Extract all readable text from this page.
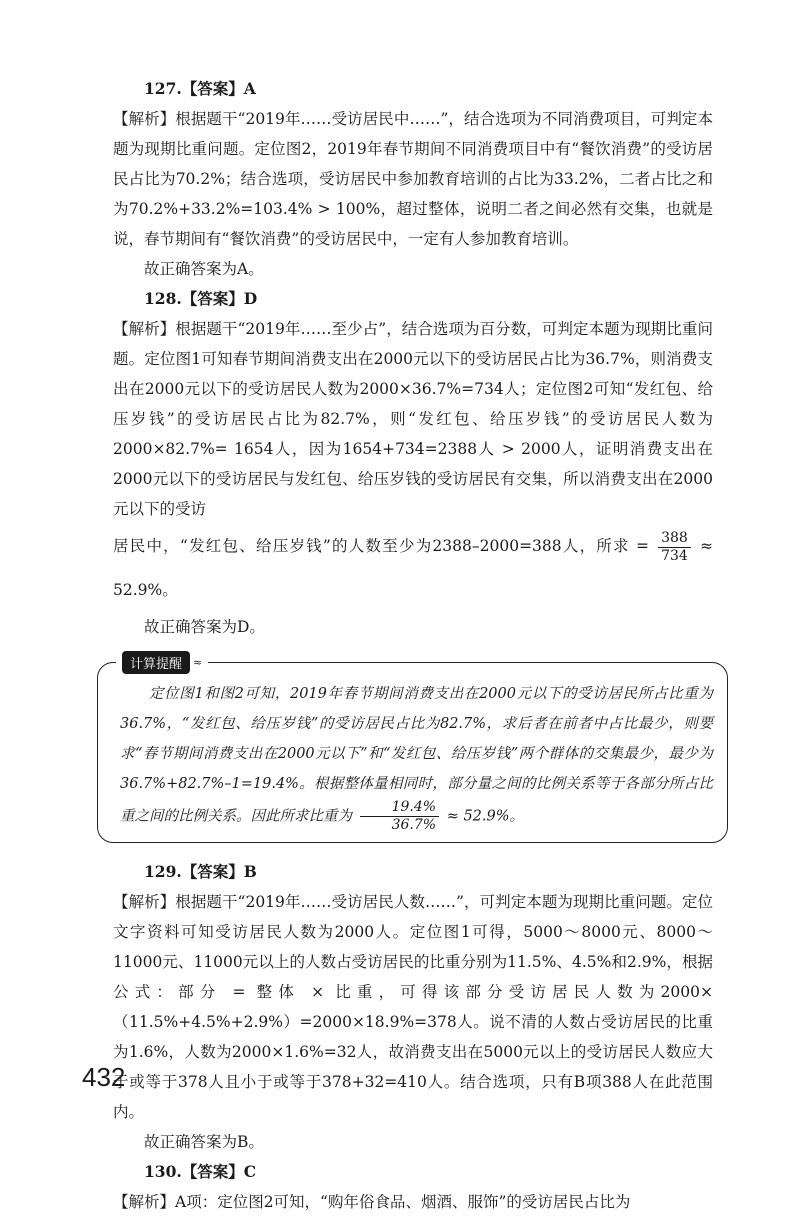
127.【答案】A

【解析】根据题干“2019年……受访居民中……”，结合选项为不同消费项目，可判定本题为现期比重问题。定位图2，2019年春节期间不同消费项目中有“餐饮消费”的受访居民占比为70.2%；结合选项，受访居民中参加教育培训的占比为33.2%，二者占比之和为70.2%+33.2%=103.4% > 100%，超过整体，说明二者之间必然有交集，也就是说，春节期间有“餐饮消费”的受访居民中，一定有人参加教育培训。

故正确答案为A。

128.【答案】D

【解析】根据题干“2019年……至少占”，结合选项为百分数，可判定本题为现期比重问题。定位图1可知春节期间消费支出在2000元以下的受访居民占比为36.7%，则消费支出在2000元以下的受访居民人数为2000×36.7%=734人；定位图2可知“发红包、给压岁钱”的受访居民占比为82.7%，则“发红包、给压岁钱”的受访居民人数为2000×82.7%= 1654人，因为1654+734=2388人 > 2000人，证明消费支出在2000元以下的受访居民与发红包、给压岁钱的受访居民有交集，所以消费支出在2000元以下的受访

居民中，“发红包、给压岁钱”的人数至少为2388–2000=388人，所求 = $\frac{388}{734} \approx 52.9\%$。

故正确答案为D。

计算提醒	≈

定位图1和图2可知，2019年春节期间消费支出在2000元以下的受访居民所占比重为36.7%，“发红包、给压岁钱”的受访居民占比为82.7%，求后者在前者中占比最少，则要求“春节期间消费支出在2000元以下”和“发红包、给压岁钱”两个群体的交集最少，最少为36.7%+82.7%–1=19.4%。根据整体量相同时，部分量之间的比例关系等于各部分所占比重之间的比例关系。因此所求比重为 $\frac{19.4\%}{36.7\%} \approx 52.9\%$。

129.【答案】B

【解析】根据题干“2019年……受访居民人数……”，可判定本题为现期比重问题。定位文字资料可知受访居民人数为2000人。定位图1可得，5000～8000元、8000～11000元、11000元以上的人数占受访居民的比重分别为11.5%、4.5%和2.9%，根据公式：部分 = 整体 × 比重，可得该部分受访居民人数为2000×（11.5%+4.5%+2.9%）=2000×18.9%=378人。说不清的人数占受访居民的比重为1.6%，人数为2000×1.6%=32人，故消费支出在5000元以上的受访居民人数应大于或等于378人且小于或等于378+32=410人。结合选项，只有B项388人在此范围内。

故正确答案为B。

130.【答案】C

【解析】A项：定位图2可知，“购年俗食品、烟酒、服饰”的受访居民占比为

432
